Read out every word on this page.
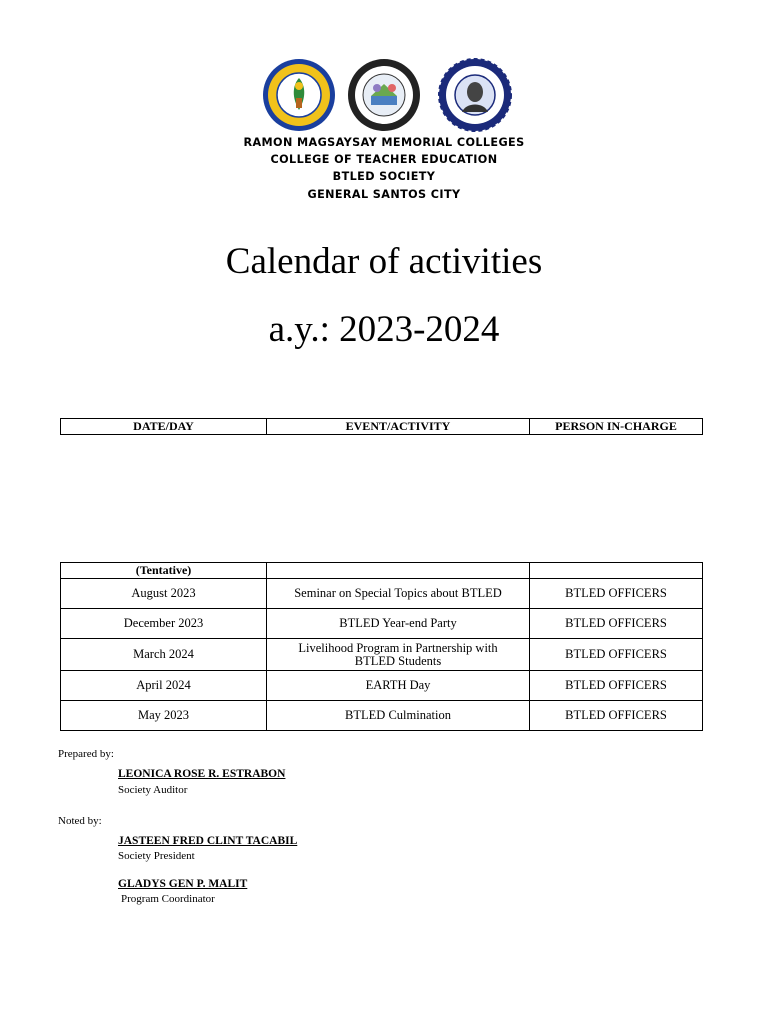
RAMON MAGSAYSAY MEMORIAL COLLEGES
COLLEGE OF TEACHER EDUCATION
BTLED SOCIETY
GENERAL SANTOS CITY
Calendar of activities
a.y.: 2023-2024
DATE/DAY	EVENT/ACTIVITY	PERSON IN-CHARGE
(Tentative)		
August 2023	Seminar on Special Topics about BTLED	BTLED OFFICERS
December 2023	BTLED Year-end Party	BTLED OFFICERS
March 2024	Livelihood Program in Partnership with BTLED Students	BTLED OFFICERS
April 2024	EARTH Day	BTLED OFFICERS
May 2023	BTLED Culmination	BTLED OFFICERS
Prepared by:
LEONICA ROSE R. ESTRABON
Society Auditor
Noted by:
JASTEEN FRED CLINT TACABIL
Society President
GLADYS GEN P. MALIT
Program Coordinator
